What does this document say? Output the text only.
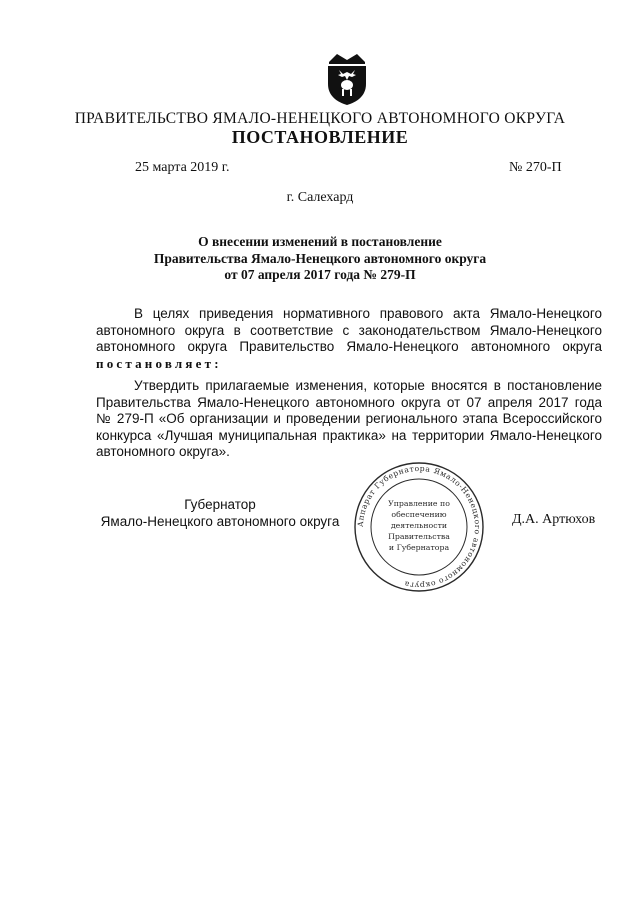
ПРАВИТЕЛЬСТВО ЯМАЛО-НЕНЕЦКОГО АВТОНОМНОГО ОКРУГА
ПОСТАНОВЛЕНИЕ
25 марта 2019 г.	№ 270-П
г. Салехард
О внесении изменений в постановление
Правительства Ямало-Ненецкого автономного округа
от 07 апреля 2017 года № 279-П
В целях приведения нормативного правового акта Ямало-Ненецкого
автономного округа в соответствие с законодательством Ямало-Ненецкого
автономного округа Правительство Ямало-Ненецкого автономного округа
постановляет:
Утвердить прилагаемые изменения, которые вносятся в постановление
Правительства Ямало-Ненецкого автономного округа от 07 апреля 2017 года
№ 279-П «Об организации и проведении регионального этапа Всероссийского
конкурса «Лучшая муниципальная практика» на территории Ямало-Ненецкого
автономного округа».
Губернатор
Ямало-Ненецкого автономного округа	Аппарат Губернатора Ямало-Ненецкого автономного округа
Управление по
обеспечению
деятельности
Правительства
и Губернатора
Д.А. Артюхов
